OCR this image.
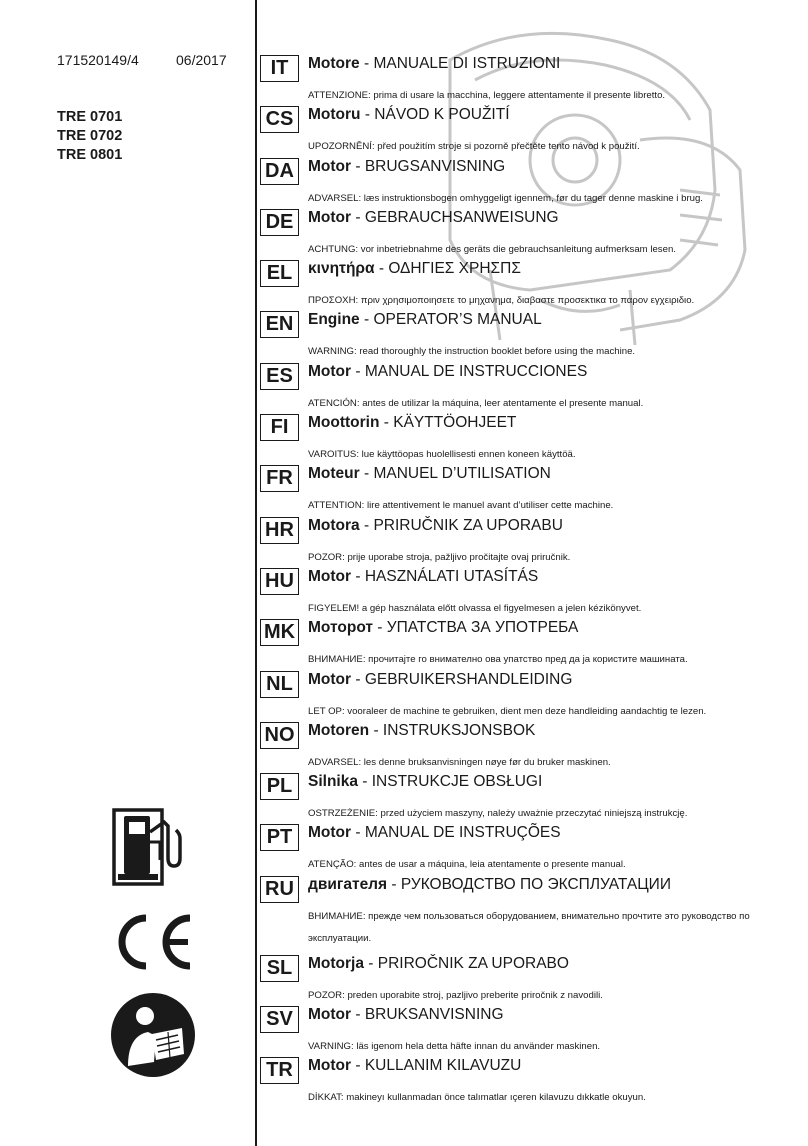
171520149/4	06/2017
TRE 0701
TRE 0702
TRE 0801
IT	Motore - MANUALE DI ISTRUZIONI
ATTENZIONE: prima di usare la macchina, leggere attentamente il presente libretto.
CS Motoru - NÁVOD K POUŽITÍ
UPOZORNĚNÍ: před použitím stroje si pozorně přečtěte tento návod k použití.
DA Motor - BRUGSANVISNING
ADVARSEL: læs instruktionsbogen omhyggeligt igennem, før du tager denne maskine i brug.
DE Motor - GEBRAUCHSANWEISUNG
ACHTUNG: vor inbetriebnahme des geräts die gebrauchsanleitung aufmerksam lesen.
EL	κινητήρα - ΟΔΗΓΙΕΣ ΧΡΗΣΠΣ
ΠΡΟΣΟΧΗ: πριν χρησιμοποιησετε το μηχανημα, διαβαστε προσεκτικα το παρον εγχειριδιο.
EN Engine - OPERATOR’S MANUAL
WARNING: read thoroughly the instruction booklet before using the machine.
ES Motor - MANUAL DE INSTRUCCIONES
ATENCIÓN: antes de utilizar la máquina, leer atentamente el presente manual.
FI	Moottorin - KÄYTTÖOHJEET
VAROITUS: lue käyttöopas huolellisesti ennen koneen käyttöä.
FR Moteur - MANUEL D’UTILISATION
ATTENTION: lire attentivement le manuel avant d’utiliser cette machine.
HR Motora - PRIRUČNIK ZA UPORABU
POZOR: prije uporabe stroja, pažljivo pročitajte ovaj priručnik.
HU Motor - HASZNÁLATI UTASÍTÁS
FIGYELEM! a gép használata előtt olvassa el figyelmesen a jelen kézikönyvet.
MK Моторот - УПАТСТВА ЗА УПОТРЕБА
ВНИМАНИЕ: прочитајте го внимателно ова упатство пред да ја користите машината.
NL Motor - GEBRUIKERSHANDLEIDING
LET OP: vooraleer de machine te gebruiken, dient men deze handleiding aandachtig te lezen.
NO Motoren - INSTRUKSJONSBOK
ADVARSEL: les denne bruksanvisningen nøye før du bruker maskinen.
PL	Silnika - INSTRUKCJE OBSŁUGI
OSTRZEŻENIE: przed użyciem maszyny, należy uważnie przeczytać niniejszą instrukcję.
PT	Motor - MANUAL DE INSTRUÇÕES
ATENÇÃO: antes de usar a máquina, leia atentamente o presente manual.
RU двигателя - РУКОВОДСТВО ПО ЭКСПЛУАТАЦИИ
ВНИМАНИЕ: прежде чем пользоваться оборудованием, внимательно прочтите это руководство по эксплуатации.
SL	Motorja - PRIROČNIK ZA UPORABO
POZOR: preden uporabite stroj, pazljivo preberite priročnik z navodili.
SV Motor - BRUKSANVISNING
VARNING: läs igenom hela detta häfte innan du använder maskinen.
TR Motor - KULLANIM KILAVUZU
DİKKAT: makineyı kullanmadan önce talımatlar ıçeren kilavuzu dıkkatle okuyun.
